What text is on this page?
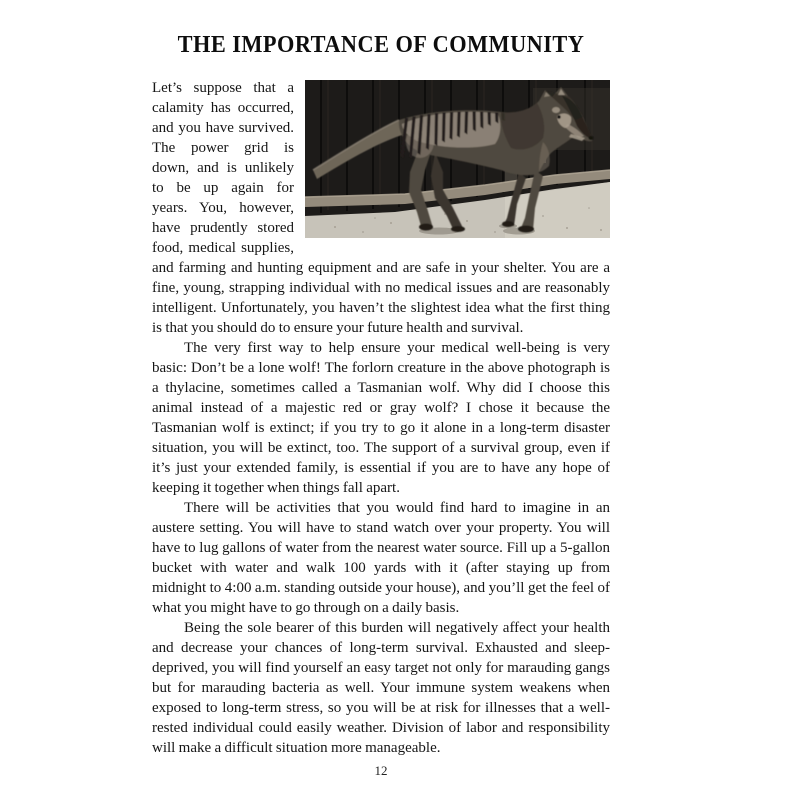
THE IMPORTANCE OF COMMUNITY

Let’s suppose that a calamity has occurred, and you have survived. The power grid is down, and is unlikely to be up again for years. You, however, have prudently stored food, medical supplies, and farming and hunting equipment and are safe in your shelter. You are a fine, young, strapping individual with no medical issues and are reasonably intelligent. Unfortunately, you haven’t the slightest idea what the first thing is that you should do to ensure your future health and survival.

The very first way to help ensure your medical well-being is very basic: Don’t be a lone wolf! The forlorn creature in the above photograph is a thylacine, sometimes called a Tasmanian wolf. Why did I choose this animal instead of a majestic red or gray wolf? I chose it because the Tasmanian wolf is extinct; if you try to go it alone in a long-term disaster situation, you will be extinct, too. The support of a survival group, even if it’s just your extended family, is essential if you are to have any hope of keeping it together when things fall apart.

There will be activities that you would find hard to imagine in an austere setting. You will have to stand watch over your property. You will have to lug gallons of water from the nearest water source. Fill up a 5-gallon bucket with water and walk 100 yards with it (after staying up from midnight to 4:00 a.m. standing outside your house), and you’ll get the feel of what you might have to go through on a daily basis.

Being the sole bearer of this burden will negatively affect your health and decrease your chances of long-term survival. Exhausted and sleep-deprived, you will find yourself an easy target not only for marauding gangs but for marauding bacteria as well. Your immune system weakens when exposed to long-term stress, so you will be at risk for illnesses that a well-rested individual could easily weather. Division of labor and responsibility will make a difficult situation more manageable.

12
